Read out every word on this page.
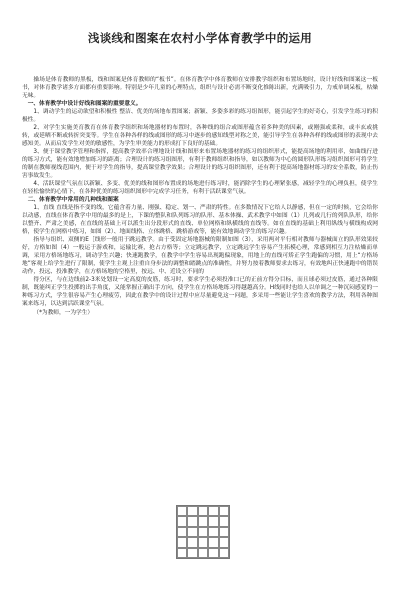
浅谈线和图案在农村小学体育教学中的运用

操场是体育教师的黑板，线和图案是体育教师的“板书”。在体育教学中体育教师在安排教学组织和布置场地时，设计好线和图案这一板书，对体育教学诸多方面都有重要影响。特别是少年儿童的心理特点，组织与设计必需不断变化推陈出新，充满吸引力，力戒单调呆板，枯燥无味。

一、体育教学中设计好线和图案的重要意义。

1、调动学生的运动欲望和积极性 整洁、优美的场地布置图案；新颖、多姿多彩的练习组图形，能引起学生的好奇心，引发学生练习的积极性。

2、对学生实施美育教育在体育教学组织和场地器材的布置时，各种线的组合或图形蕴含着多种美的因素，或刚强或柔和，或丰玄或挑转，或延晒不断或转折突变等。学生在各种各样的线或图形的练习中逐步的感知线型对称之美，能引导学生在各种各样的线或图形的表现中去感知美。从而启发学生对美的敏感性，为学生审美能力的形成打下良好的基础。

3、便于课堂教学管理和指挥，提高教学效率合理地设计线和图形来布置场地器材的练习的组织形式，能提高场地的利用率，如曲线行进的练习方式，能有效地增加练习的距离；合理设计的练习组图形，有利于教师组织和指导，如以教师为中心的圆形队形练习组织图形可将学生的制在教师视线范围内，便于对学生的指导，提高课堂教学效果；合理设计的练习组织图形，还有利于提高场地器材练习的安全系数，防止伤害事故发生。

4、活跃课堂气氛在以新颖、多变、优美的线和图形布置成的场地进行练习时，能消除学生的心理紧张感，减轻学生的心理负担，使学生在轻松愉快的心情下，在各种优美的练习组织图形中完成学习任务，有利于活跃课堂气氛。

二、体育教学中常用的几种线和图案

1、直线 直线是指不变的线，它蕴含着力量、刚强、稳定、划一、严肃的特性。在多数情况下它给人以静感，但在一定的时候，它会给你以动感，直线在体育教学中用的最多的是上，下课的整队和队列练习的队形、基本体操、武术教学中如图（1）几列或几行的列队队形，给你以整齐、严肃之美感，在直线的基础上可以派生出分段形式的直线、单位网格和纵横线的直线等。如在直线的基础上利用纵线与横线构成网格，使学生在网格中练习，如图（2）、地面线格、立体跳格、跳格游戏等，能有效地调动学生的练习兴趣。

指导与组织、双侧的E［线形一般用于跳远教学。由于受固定场地器械的限制如图（3），采用两对平行相对教师与器械面立的队形效果较好，方格如图（4）一般运于游戏和，运输比赛，抢占方格等；立定跳远教学，立定跳远学生容易产生拓模心理，常感到相互力注枯燥而单调，采用方格场地练习，调动学生兴趣；快速跑教学，在教学中学生容易出现跑偏现象，用地上的直线可矫正学生跑偏的习惯，用上“方格场地”客观上给学生进行了限制，使学生主观上注重自身步法的调整和踏跳点的准确性，并努力按着教师要求去练习，有效地纠正快速跑中的错误动作，投远、投准教学，在方格场地的空格里，按远、中、近设立不同的

得分区，与在边线前2-3米处划设一定高度的皮筋，练习时，要求学生必须投准口已的正前方得分目标，而且球必须过皮筋，通过各种限制，既能纠正学生投掷的出手角度，又能掌握正确出手方向，使学生在方格场地练习得越越高分。H线同时也给人以单调之一种沉闷感觉的一种练习方式，学生很容易产生心理疲劳，因此在教学中的设计过程中应尽量避免这一问题，多采用一些能让学生喜欢的教学方法，利用各种图案来练习，以达到活跃课堂气氛。

（*为教师，一为学生）
